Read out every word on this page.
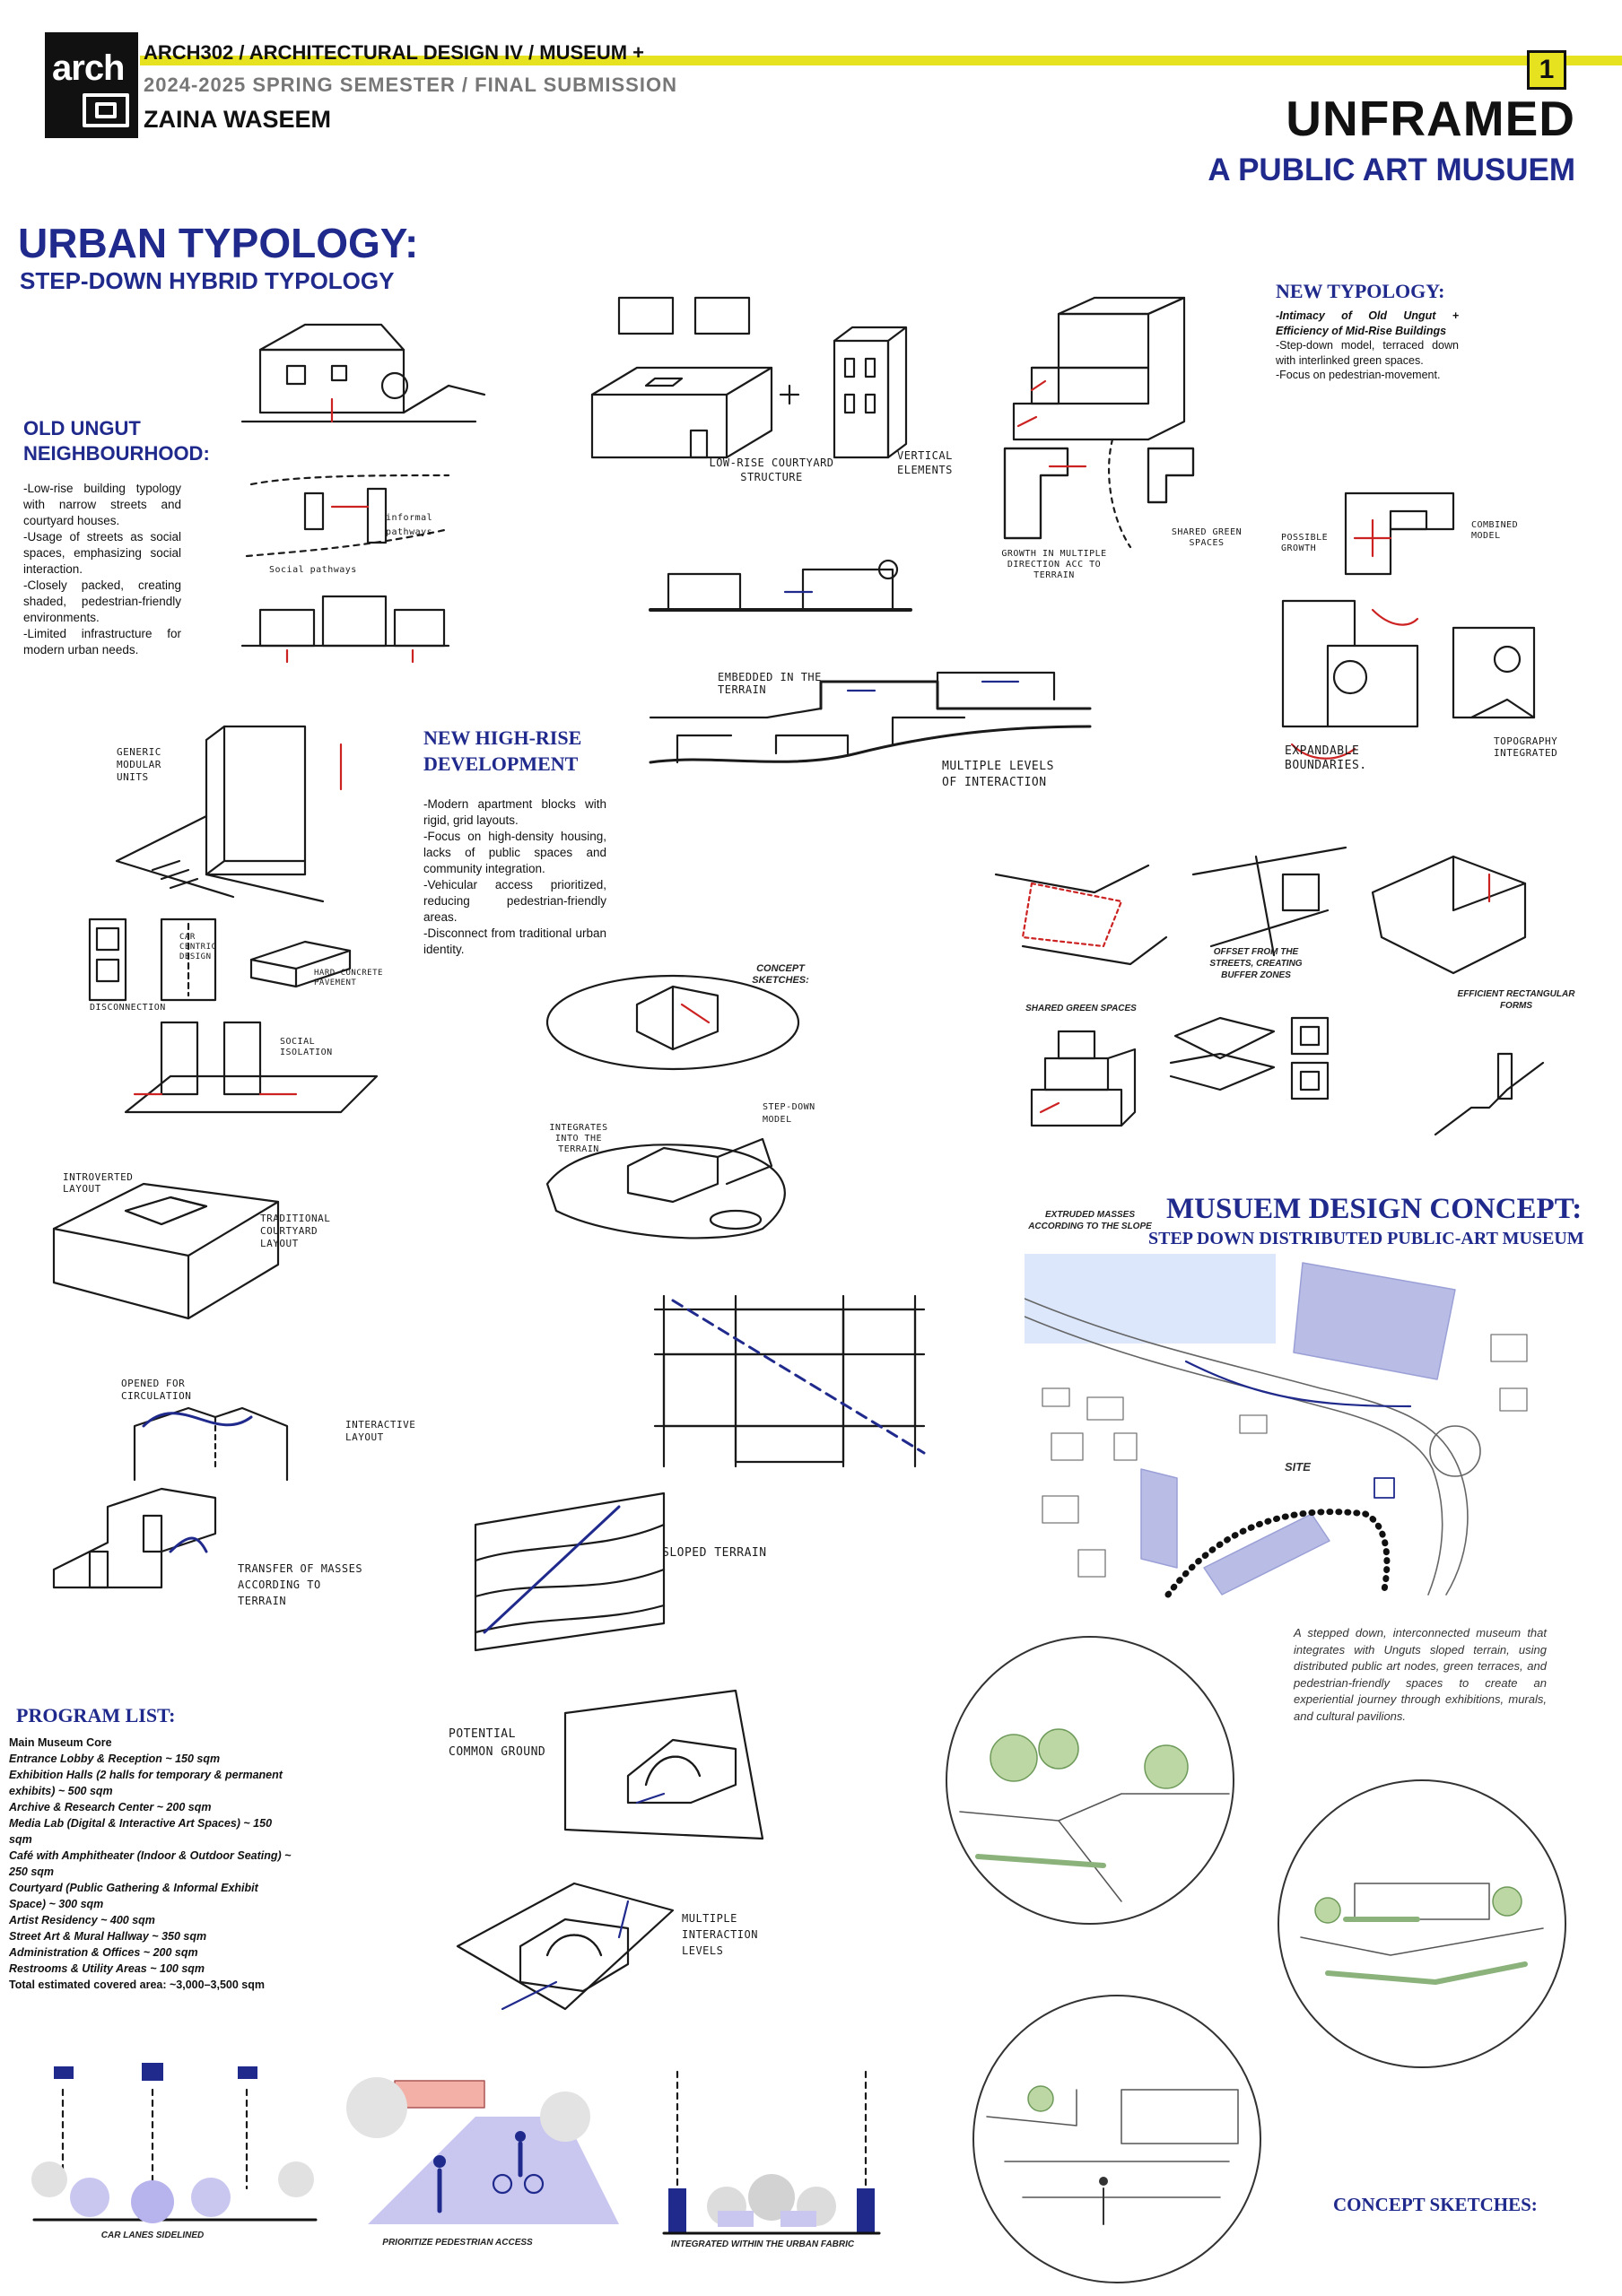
arch ARCH302 / ARCHITECTURAL DESIGN IV / MUSEUM +
2024-2025 SPRING SEMESTER / FINAL SUBMISSION
ZAINA WASEEM
1
UNFRAMED
A PUBLIC ART MUSUEM
URBAN TYPOLOGY:
STEP-DOWN HYBRID TYPOLOGY
OLD UNGUT
NEIGHBOURHOOD:
-Low-rise building typology with narrow streets and courtyard houses.
-Usage of streets as social spaces, emphasizing social interaction.
-Closely packed, creating shaded, pedestrian-friendly environments.
-Limited infrastructure for modern urban needs.
informal pathways
Social pathways
LOW-RISE COURTYARD STRUCTURE
VERTICAL ELEMENTS
NEW TYPOLOGY:
-Intimacy of Old Ungut + Efficiency of Mid-Rise Buildings
-Step-down model, terraced down with interlinked green spaces.
-Focus on pedestrian-movement.
GROWTH IN MULTIPLE DIRECTION ACC TO TERRAIN
SHARED GREEN SPACES
POSSIBLE GROWTH
COMBINED MODEL
EMBEDDED IN THE TERRAIN
MULTIPLE LEVELS OF INTERACTION
EXPANDABLE BOUNDARIES.
TOPOGRAPHY INTEGRATED
GENERIC MODULAR UNITS
CAR CENTRIC DESIGN
HARD CONCRETE PAVEMENT
DISCONNECTION
SOCIAL ISOLATION
NEW HIGH-RISE
DEVELOPMENT
-Modern apartment blocks with rigid, grid layouts.
-Focus on high-density housing, lacks of public spaces and community integration.
-Vehicular access prioritized, reducing pedestrian-friendly areas.
-Disconnect from traditional urban identity.
CONCEPT SKETCHES:
INTEGRATES INTO THE TERRAIN
STEP-DOWN MODEL
OFFSET FROM THE STREETS, CREATING BUFFER ZONES
SHARED GREEN SPACES
EFFICIENT RECTANGULAR FORMS
INTROVERTED LAYOUT
TRADITIONAL COURTYARD LAYOUT
OPENED FOR CIRCULATION
INTERACTIVE LAYOUT
TRANSFER OF MASSES ACCORDING TO TERRAIN
SLOPED TERRAIN
EXTRUDED MASSES ACCORDING TO THE SLOPE
MUSUEM DESIGN CONCEPT:
STEP DOWN DISTRIBUTED PUBLIC-ART MUSEUM
SITE
PROGRAM LIST:
Main Museum Core
Entrance Lobby & Reception ~ 150 sqm
Exhibition Halls (2 halls for temporary & permanent exhibits) ~ 500 sqm
Archive & Research Center ~ 200 sqm
Media Lab (Digital & Interactive Art Spaces) ~ 150 sqm
Café with Amphitheater (Indoor & Outdoor Seating) ~ 250 sqm
Courtyard (Public Gathering & Informal Exhibit Space) ~ 300 sqm
Artist Residency ~ 400 sqm
Street Art & Mural Hallway ~ 350 sqm
Administration & Offices ~ 200 sqm
Restrooms & Utility Areas ~ 100 sqm
Total estimated covered area: ~3,000–3,500 sqm
POTENTIAL COMMON GROUND
MULTIPLE INTERACTION LEVELS
A stepped down, interconnected museum that integrates with Unguts sloped terrain, using distributed public art nodes, green terraces, and pedestrian-friendly spaces to create an experiential journey through exhibitions, murals, and cultural pavilions.
CONCEPT SKETCHES:
CAR LANES SIDELINED
PRIORITIZE PEDESTRIAN ACCESS	INTEGRATED WITHIN THE URBAN FABRIC
